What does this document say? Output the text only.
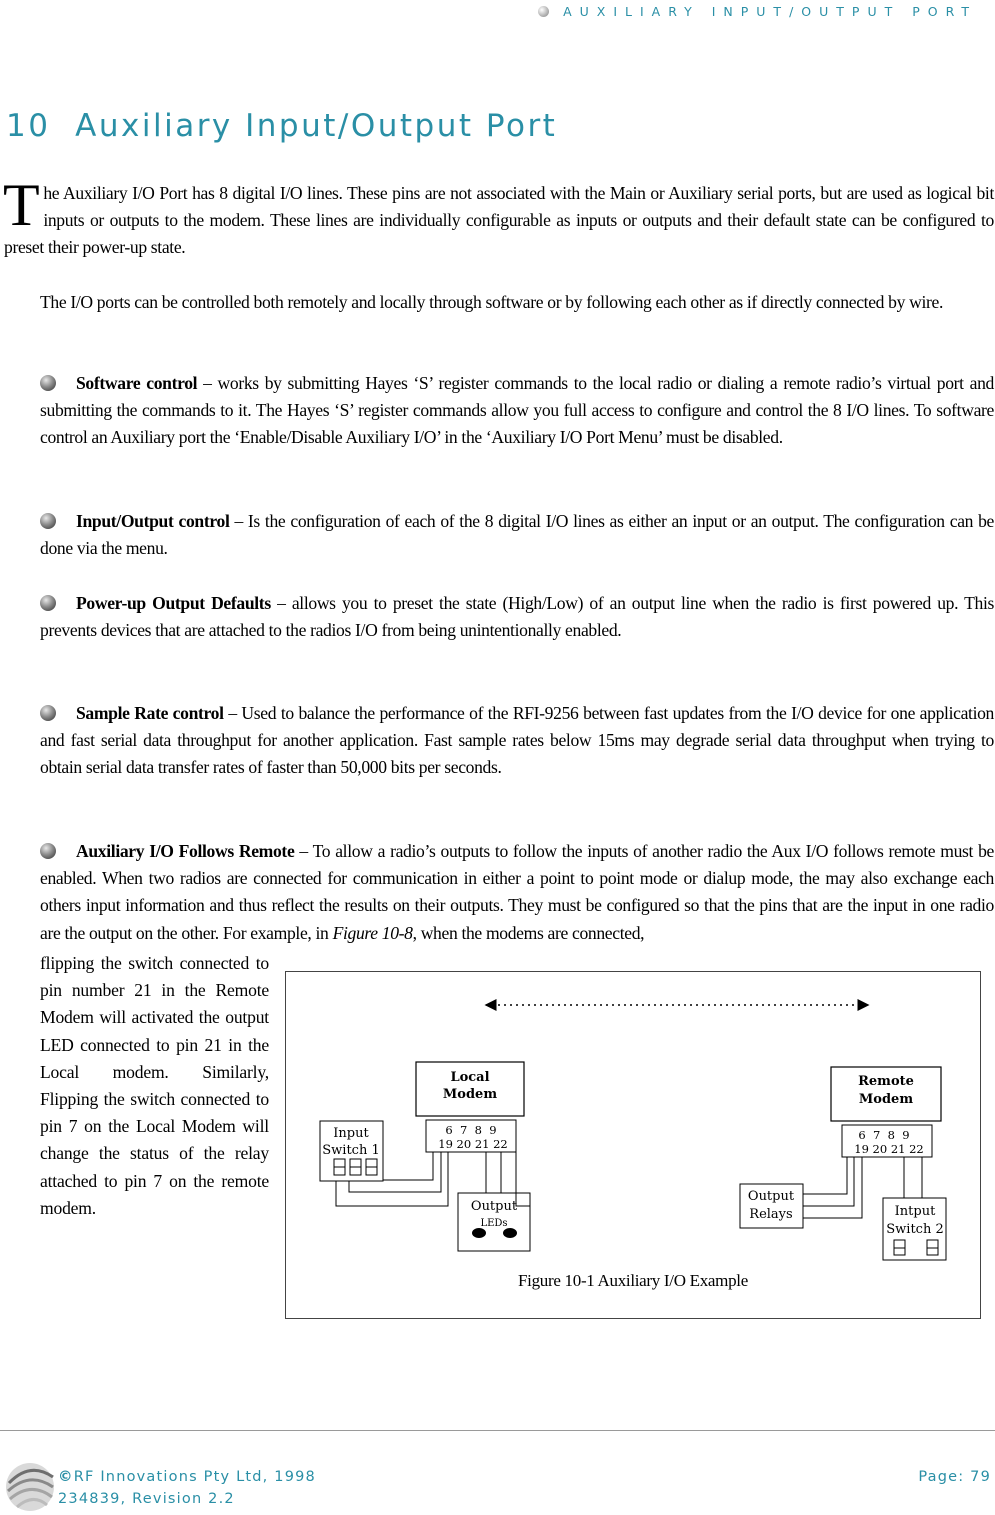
AUXILIARY INPUT/OUTPUT PORT
10  Auxiliary Input/Output Port

The Auxiliary I/O Port has 8 digital I/O lines. These pins are not associated with the Main or Auxiliary serial ports, but are used as logical bit inputs or outputs to the modem. These lines are individually configurable as inputs or outputs and their default state can be configured to preset their power-up state.

The I/O ports can be controlled both remotely and locally through software or by following each other as if directly connected by wire.

Software control – works by submitting Hayes ‘S’ register commands to the local radio or dialing a remote radio’s virtual port and submitting the commands to it. The Hayes ‘S’ register commands allow you full access to configure and control the 8 I/O lines. To software control an Auxiliary port the ‘Enable/Disable Auxiliary I/O’ in the ‘Auxiliary I/O Port Menu’ must be disabled.

Input/Output control – Is the configuration of each of the 8 digital I/O lines as either an input or an output. The configuration can be done via the menu.

Power-up Output Defaults – allows you to preset the state (High/Low) of an output line when the radio is first powered up. This prevents devices that are attached to the radios I/O from being unintentionally enabled.

Sample Rate control – Used to balance the performance of the RFI-9256 between fast updates from the I/O device for one application and fast serial data throughput for another application. Fast sample rates below 15ms may degrade serial data throughput when trying to obtain serial data transfer rates of faster than 50,000 bits per seconds.

Auxiliary I/O Follows Remote – To allow a radio’s outputs to follow the inputs of another radio the Aux I/O follows remote must be enabled. When two radios are connected for communication in either a point to point mode or dialup mode, the may also exchange each others input information and thus reflect the results on their outputs. They must be configured so that the pins that are the input in one radio are the output on the other. For example, in Figure 10-8, when the modems are connected,

flipping the switch connected to pin number 21 in the Remote Modem will activated the output LED connected to pin 21 in the Local modem. Similarly, Flipping the switch connected to pin 7 on the Local Modem will change the status of the relay attached to pin 7 on the remote modem.

Local
Modem
6  7  8  9
19 20 21 22
Input
Switch 1
Output
LEDs
Remote
Modem
6  7  8  9
19 20 21 22
Output
Relays	Intput
Switch 2
Figure 10-1 Auxiliary I/O Example
©RF Innovations Pty Ltd, 1998
234839, Revision 2.2
Page: 79
